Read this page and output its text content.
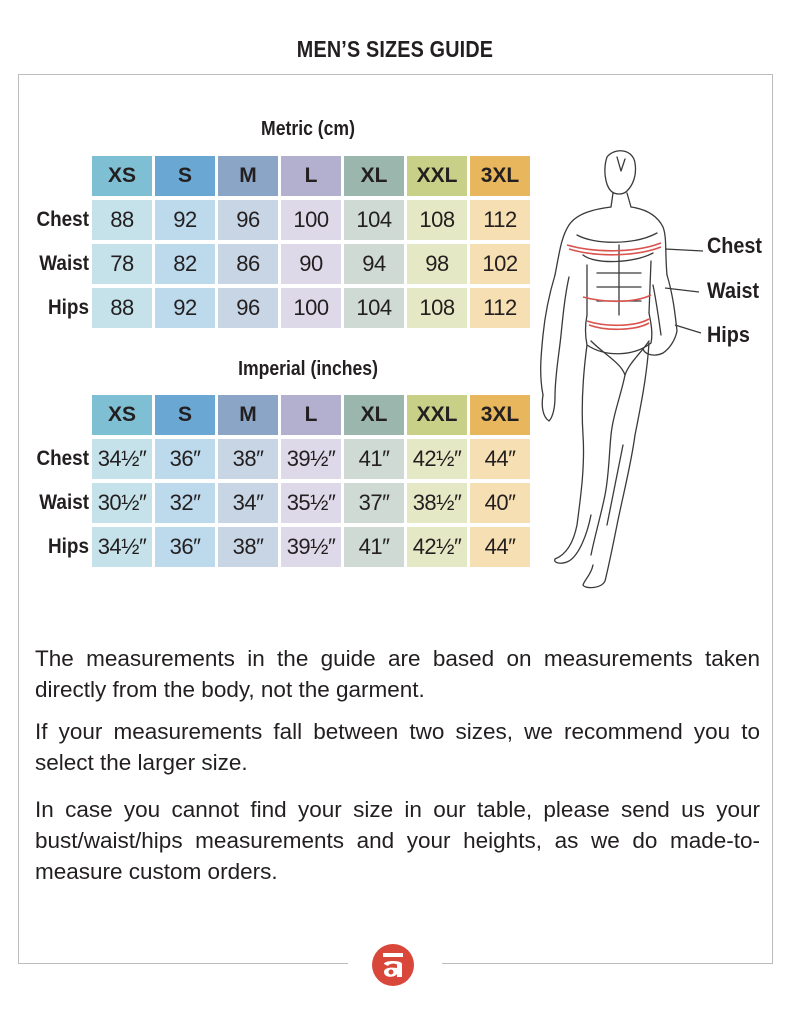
MEN’S SIZES GUIDE
Metric (cm)
XS	S	M	L	XL	XXL	3XL
Chest 88	92	96	100	104	108	112
Waist 78	82	86	90	94	98	102
Hips 88	92	96	100	104	108	112
Imperial (inches)
XS	S	M	L	XL	XXL	3XL
Chest 34½″	36″	38″	39½″	41″	42½″	44″
Waist 30½″	32″	34″	35½″	37″	38½″	40″
Hips 34½″	36″	38″	39½″	41″	42½″	44″
Chest
Waist
Hips
The measurements in the guide are based on measurements taken directly from the body, not the garment.
If your measurements fall between two sizes, we recommend you to select the larger size.
In case you cannot find your size in our table, please send us your bust/waist/hips measurements and your heights, as we do made-to-measure custom orders.
